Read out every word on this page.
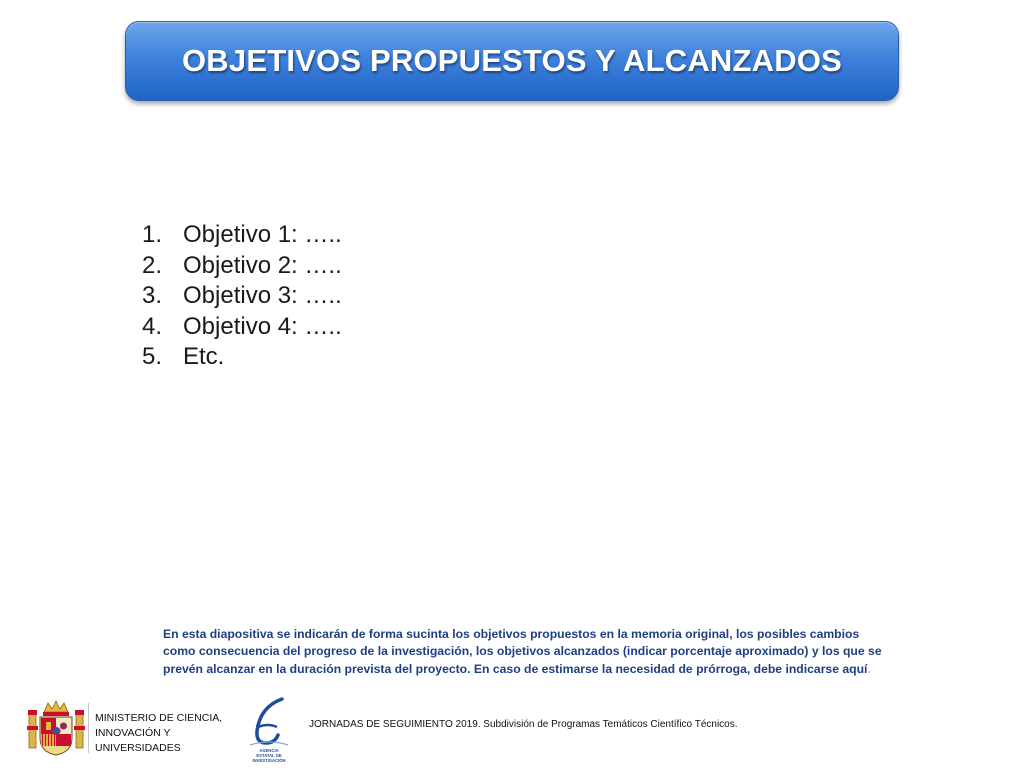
OBJETIVOS PROPUESTOS Y ALCANZADOS
1. Objetivo 1: …..
2. Objetivo 2: …..
3. Objetivo 3: …..
4. Objetivo 4: …..
5. Etc.
En esta diapositiva se indicarán de forma sucinta los objetivos propuestos en la memoria original, los posibles cambios como consecuencia del progreso de la investigación, los objetivos alcanzados (indicar porcentaje aproximado) y los que se prevén alcanzar en la duración prevista del proyecto. En caso de estimarse la necesidad de prórroga, debe indicarse aquí.
MINISTERIO DE CIENCIA,
INNOVACIÓN Y
UNIVERSIDADES	AGENCIA
ESTATAL DE
INVESTIGACIÓN
JORNADAS DE SEGUIMIENTO 2019. Subdivisión de Programas Temáticos Científico Técnicos.
